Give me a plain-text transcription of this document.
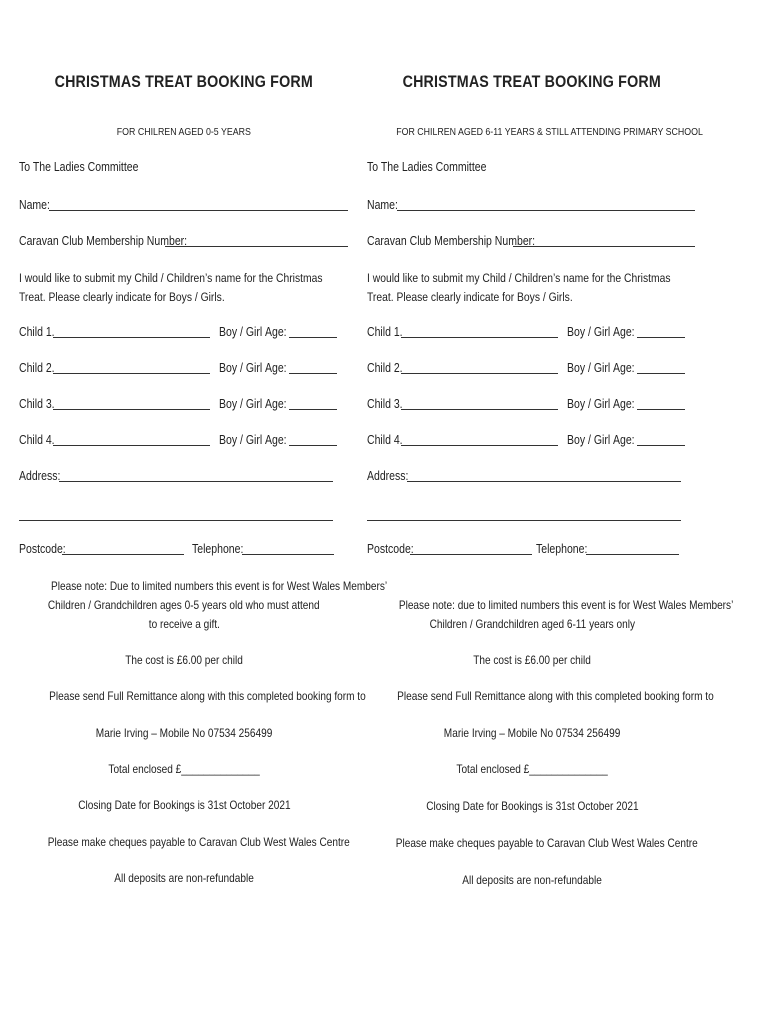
CHRISTMAS TREAT BOOKING FORM
FOR CHILREN AGED 0-5 YEARS
To The Ladies Committee
Name:
Caravan Club Membership Number:
I would like to submit my Child / Children’s name for the Christmas Treat. Please clearly indicate for Boys / Girls.
Child 1.	Boy / Girl Age:
Child 2.	Boy / Girl Age:
Child 3.	Boy / Girl Age:
Child 4.	Boy / Girl Age:
Address:
Postcode:	Telephone:
Please note: Due to limited numbers this event is for West Wales Members’
Children / Grandchildren ages 0-5 years old who must attend
to receive a gift.
The cost is £6.00 per child
Please send Full Remittance along with this completed booking form to
Marie Irving – Mobile No 07534 256499
Total enclosed £______________
Closing Date for Bookings is 31st October 2021
Please make cheques payable to Caravan Club West Wales Centre
All deposits are non-refundable
CHRISTMAS TREAT BOOKING FORM
FOR CHILREN AGED 6-11 YEARS & STILL ATTENDING PRIMARY SCHOOL
To The Ladies Committee
Name:
Caravan Club Membership Number:
I would like to submit my Child / Children’s name for the Christmas Treat. Please clearly indicate for Boys / Girls.
Child 1.	Boy / Girl Age:
Child 2.	Boy / Girl Age:
Child 3.	Boy / Girl Age:
Child 4.	Boy / Girl Age:
Address:
Postcode:	Telephone:
Please note: due to limited numbers this event is for West Wales Members’
Children / Grandchildren aged 6-11 years only
The cost is £6.00 per child
Please send Full Remittance along with this completed booking form to
Marie Irving – Mobile No 07534 256499
Total enclosed £______________
Closing Date for Bookings is 31st October 2021
Please make cheques payable to Caravan Club West Wales Centre
All deposits are non-refundable
